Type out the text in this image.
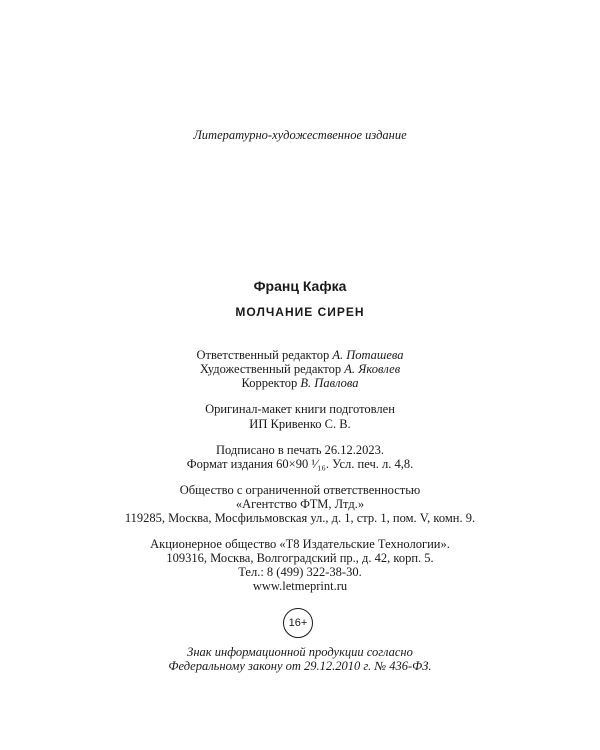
Литературно-художественное издание
Франц Кафка
МОЛЧАНИЕ СИРЕН
Ответственный редактор А. Поташева
Художественный редактор А. Яковлев
Корректор В. Павлова
Оригинал-макет книги подготовлен
ИП Кривенко С. В.
Подписано в печать 26.12.2023.
Формат издания 60×90 ¹⁄₁₆. Усл. печ. л. 4,8.
Общество с ограниченной ответственностью
«Агентство ФТМ, Лтд.»
119285, Москва, Мосфильмовская ул., д. 1, стр. 1, пом. V, комн. 9.
Акционерное общество «Т8 Издательские Технологии».
109316, Москва, Волгоградский пр., д. 42, корп. 5.
Тел.: 8 (499) 322-38-30.
www.letmeprint.ru
16+
Знак информационной продукции согласно
Федеральному закону от 29.12.2010 г. № 436-ФЗ.
